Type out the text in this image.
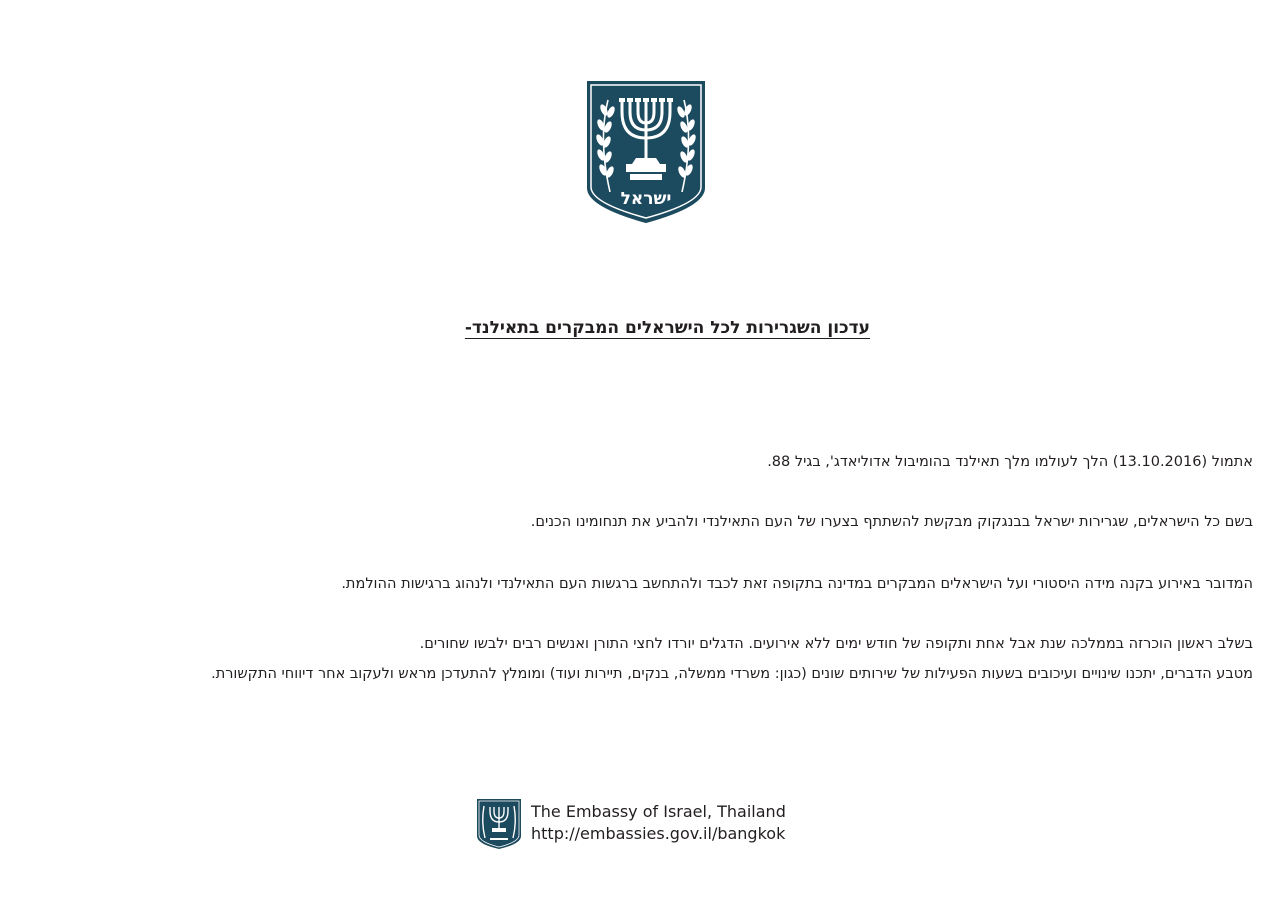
ישראל
עדכון השגרירות לכל הישראלים המבקרים בתאילנד-
אתמול (13.10.2016) הלך לעולמו מלך תאילנד בהומיבול אדוליאדג', בגיל 88.
בשם כל הישראלים, שגרירות ישראל בבנגקוק מבקשת להשתתף בצערו של העם התאילנדי ולהביע את תנחומינו הכנים.
המדובר באירוע בקנה מידה היסטורי ועל הישראלים המבקרים במדינה בתקופה זאת לכבד ולהתחשב ברגשות העם התאילנדי ולנהוג ברגישות ההולמת.
בשלב ראשון הוכרזה בממלכה שנת אבל אחת ותקופה של חודש ימים ללא אירועים. הדגלים יורדו לחצי התורן ואנשים רבים ילבשו שחורים.
מטבע הדברים, יתכנו שינויים ועיכובים בשעות הפעילות של שירותים שונים (כגון: משרדי ממשלה, בנקים, תיירות ועוד) ומומלץ להתעדכן מראש ולעקוב אחר דיווחי התקשורת.
The Embassy of Israel, Thailand
http://embassies.gov.il/bangkok
